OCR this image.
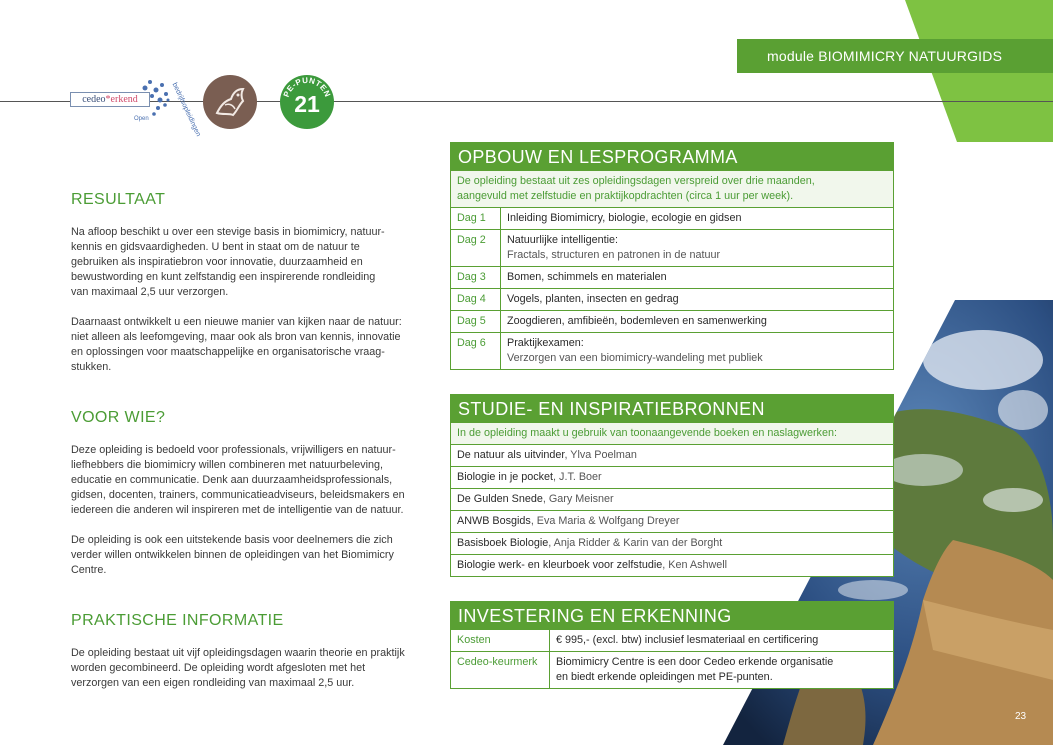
module BIOMIMICRY NATUURGIDS
bedrijfsopleidingen
Open
cedeo*erkend	PE-PUNTEN
21
RESULTAAT
Na afloop beschikt u over een stevige basis in biomimicry, natuur-
kennis en gidsvaardigheden. U bent in staat om de natuur te
gebruiken als inspiratiebron voor innovatie, duurzaamheid en
bewustwording en kunt zelfstandig een inspirerende rondleiding
van maximaal 2,5 uur verzorgen.
Daarnaast ontwikkelt u een nieuwe manier van kijken naar de natuur:
niet alleen als leefomgeving, maar ook als bron van kennis, innovatie
en oplossingen voor maatschappelijke en organisatorische vraag-
stukken.
VOOR WIE?
Deze opleiding is bedoeld voor professionals, vrijwilligers en natuur-
liefhebbers die biomimicry willen combineren met natuurbeleving,
educatie en communicatie. Denk aan duurzaamheidsprofessionals,
gidsen, docenten, trainers, communicatieadviseurs, beleidsmakers en
iedereen die anderen wil inspireren met de intelligentie van de natuur.
De opleiding is ook een uitstekende basis voor deelnemers die zich
verder willen ontwikkelen binnen de opleidingen van het Biomimicry
Centre.
PRAKTISCHE INFORMATIE
De opleiding bestaat uit vijf opleidingsdagen waarin theorie en praktijk
worden gecombineerd. De opleiding wordt afgesloten met het
verzorgen van een eigen rondleiding van maximaal 2,5 uur.
OPBOUW EN LESPROGRAMMA
De opleiding bestaat uit zes opleidingsdagen verspreid over drie maanden,
aangevuld met zelfstudie en praktijkopdrachten (circa 1 uur per week).
Dag 1	Inleiding Biomimicry, biologie, ecologie en gidsen
Dag 2	Natuurlijke intelligentie:
Fractals, structuren en patronen in de natuur
Dag 3	Bomen, schimmels en materialen
Dag 4	Vogels, planten, insecten en gedrag
Dag 5	Zoogdieren, amfibieën, bodemleven en samenwerking
Dag 6	Praktijkexamen:
Verzorgen van een biomimicry-wandeling met publiek
STUDIE- EN INSPIRATIEBRONNEN
In de opleiding maakt u gebruik van toonaangevende boeken en naslagwerken:
De natuur als uitvinder, Ylva Poelman
Biologie in je pocket, J.T. Boer
De Gulden Snede, Gary Meisner
ANWB Bosgids, Eva Maria & Wolfgang Dreyer
Basisboek Biologie, Anja Ridder & Karin van der Borght
Biologie werk- en kleurboek voor zelfstudie, Ken Ashwell
INVESTERING EN ERKENNING
Kosten	€ 995,- (excl. btw) inclusief lesmateriaal en certificering
Cedeo-keurmerk	Biomimicry Centre is een door Cedeo erkende organisatie
en biedt erkende opleidingen met PE-punten.
23
